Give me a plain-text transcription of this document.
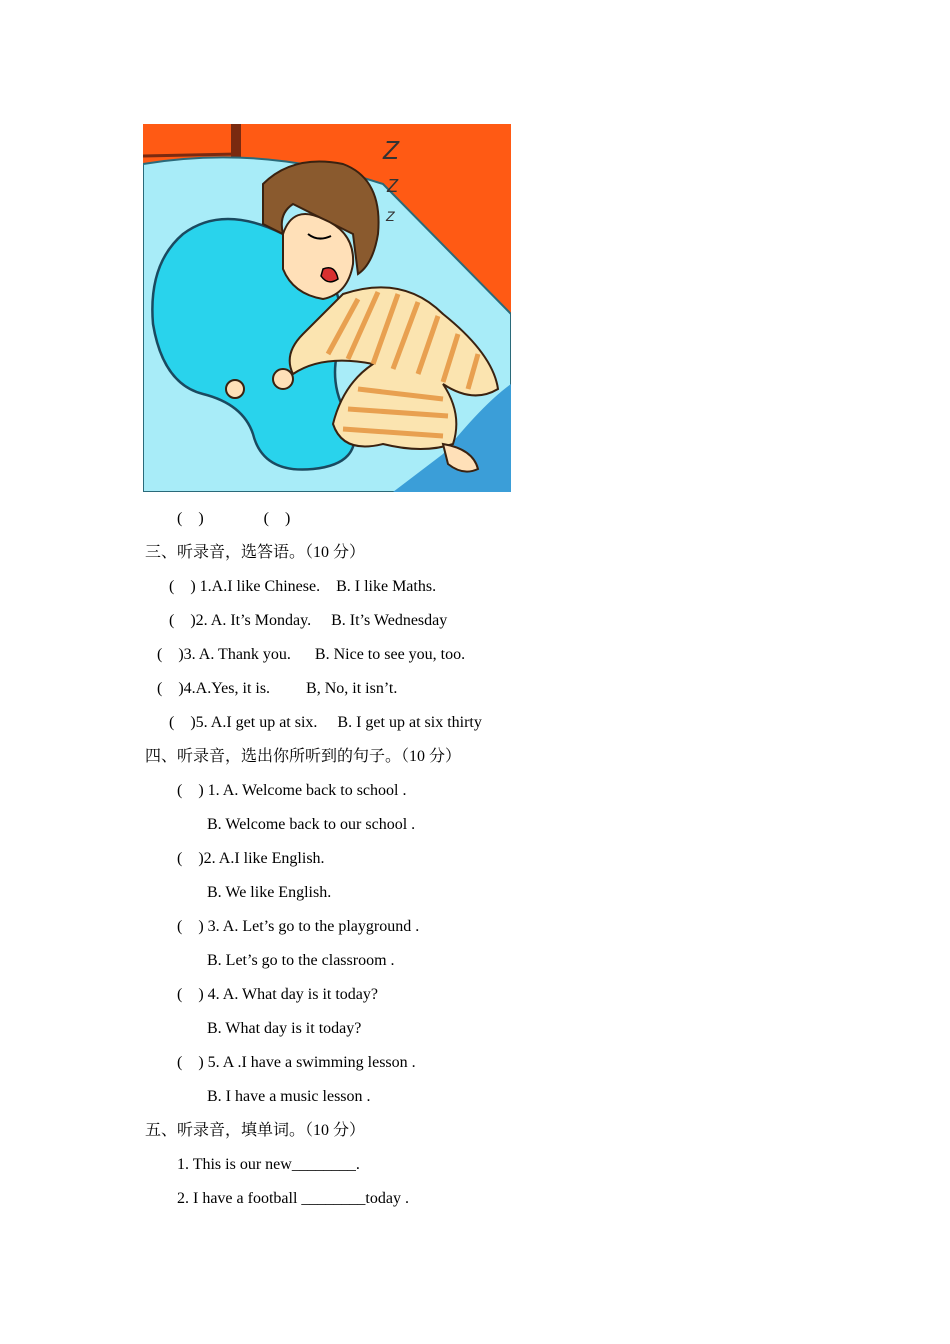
Z
Z
Z
(    )               (    )
三、听录音，选答语。（10 分）
(    ) 1.A.I like Chinese.    B. I like Maths.
(    )2. A. It’s Monday.     B. It’s Wednesday
(    )3. A. Thank you.      B. Nice to see you, too.
(    )4.A.Yes, it is.         B, No, it isn’t.
(    )5. A.I get up at six.     B. I get up at six thirty
四、听录音，选出你所听到的句子。（10 分）
(    ) 1. A. Welcome back to school .
B. Welcome back to our school .
(    )2. A.I like English.
B. We like English.
(    ) 3. A. Let’s go to the playground .
B. Let’s go to the classroom .
(    ) 4. A. What day is it today?
B. What day is it today?
(    ) 5. A .I have a swimming lesson .
B. I have a music lesson .
五、听录音，填单词。（10 分）
1. This is our new________.
2. I have a football ________today .
